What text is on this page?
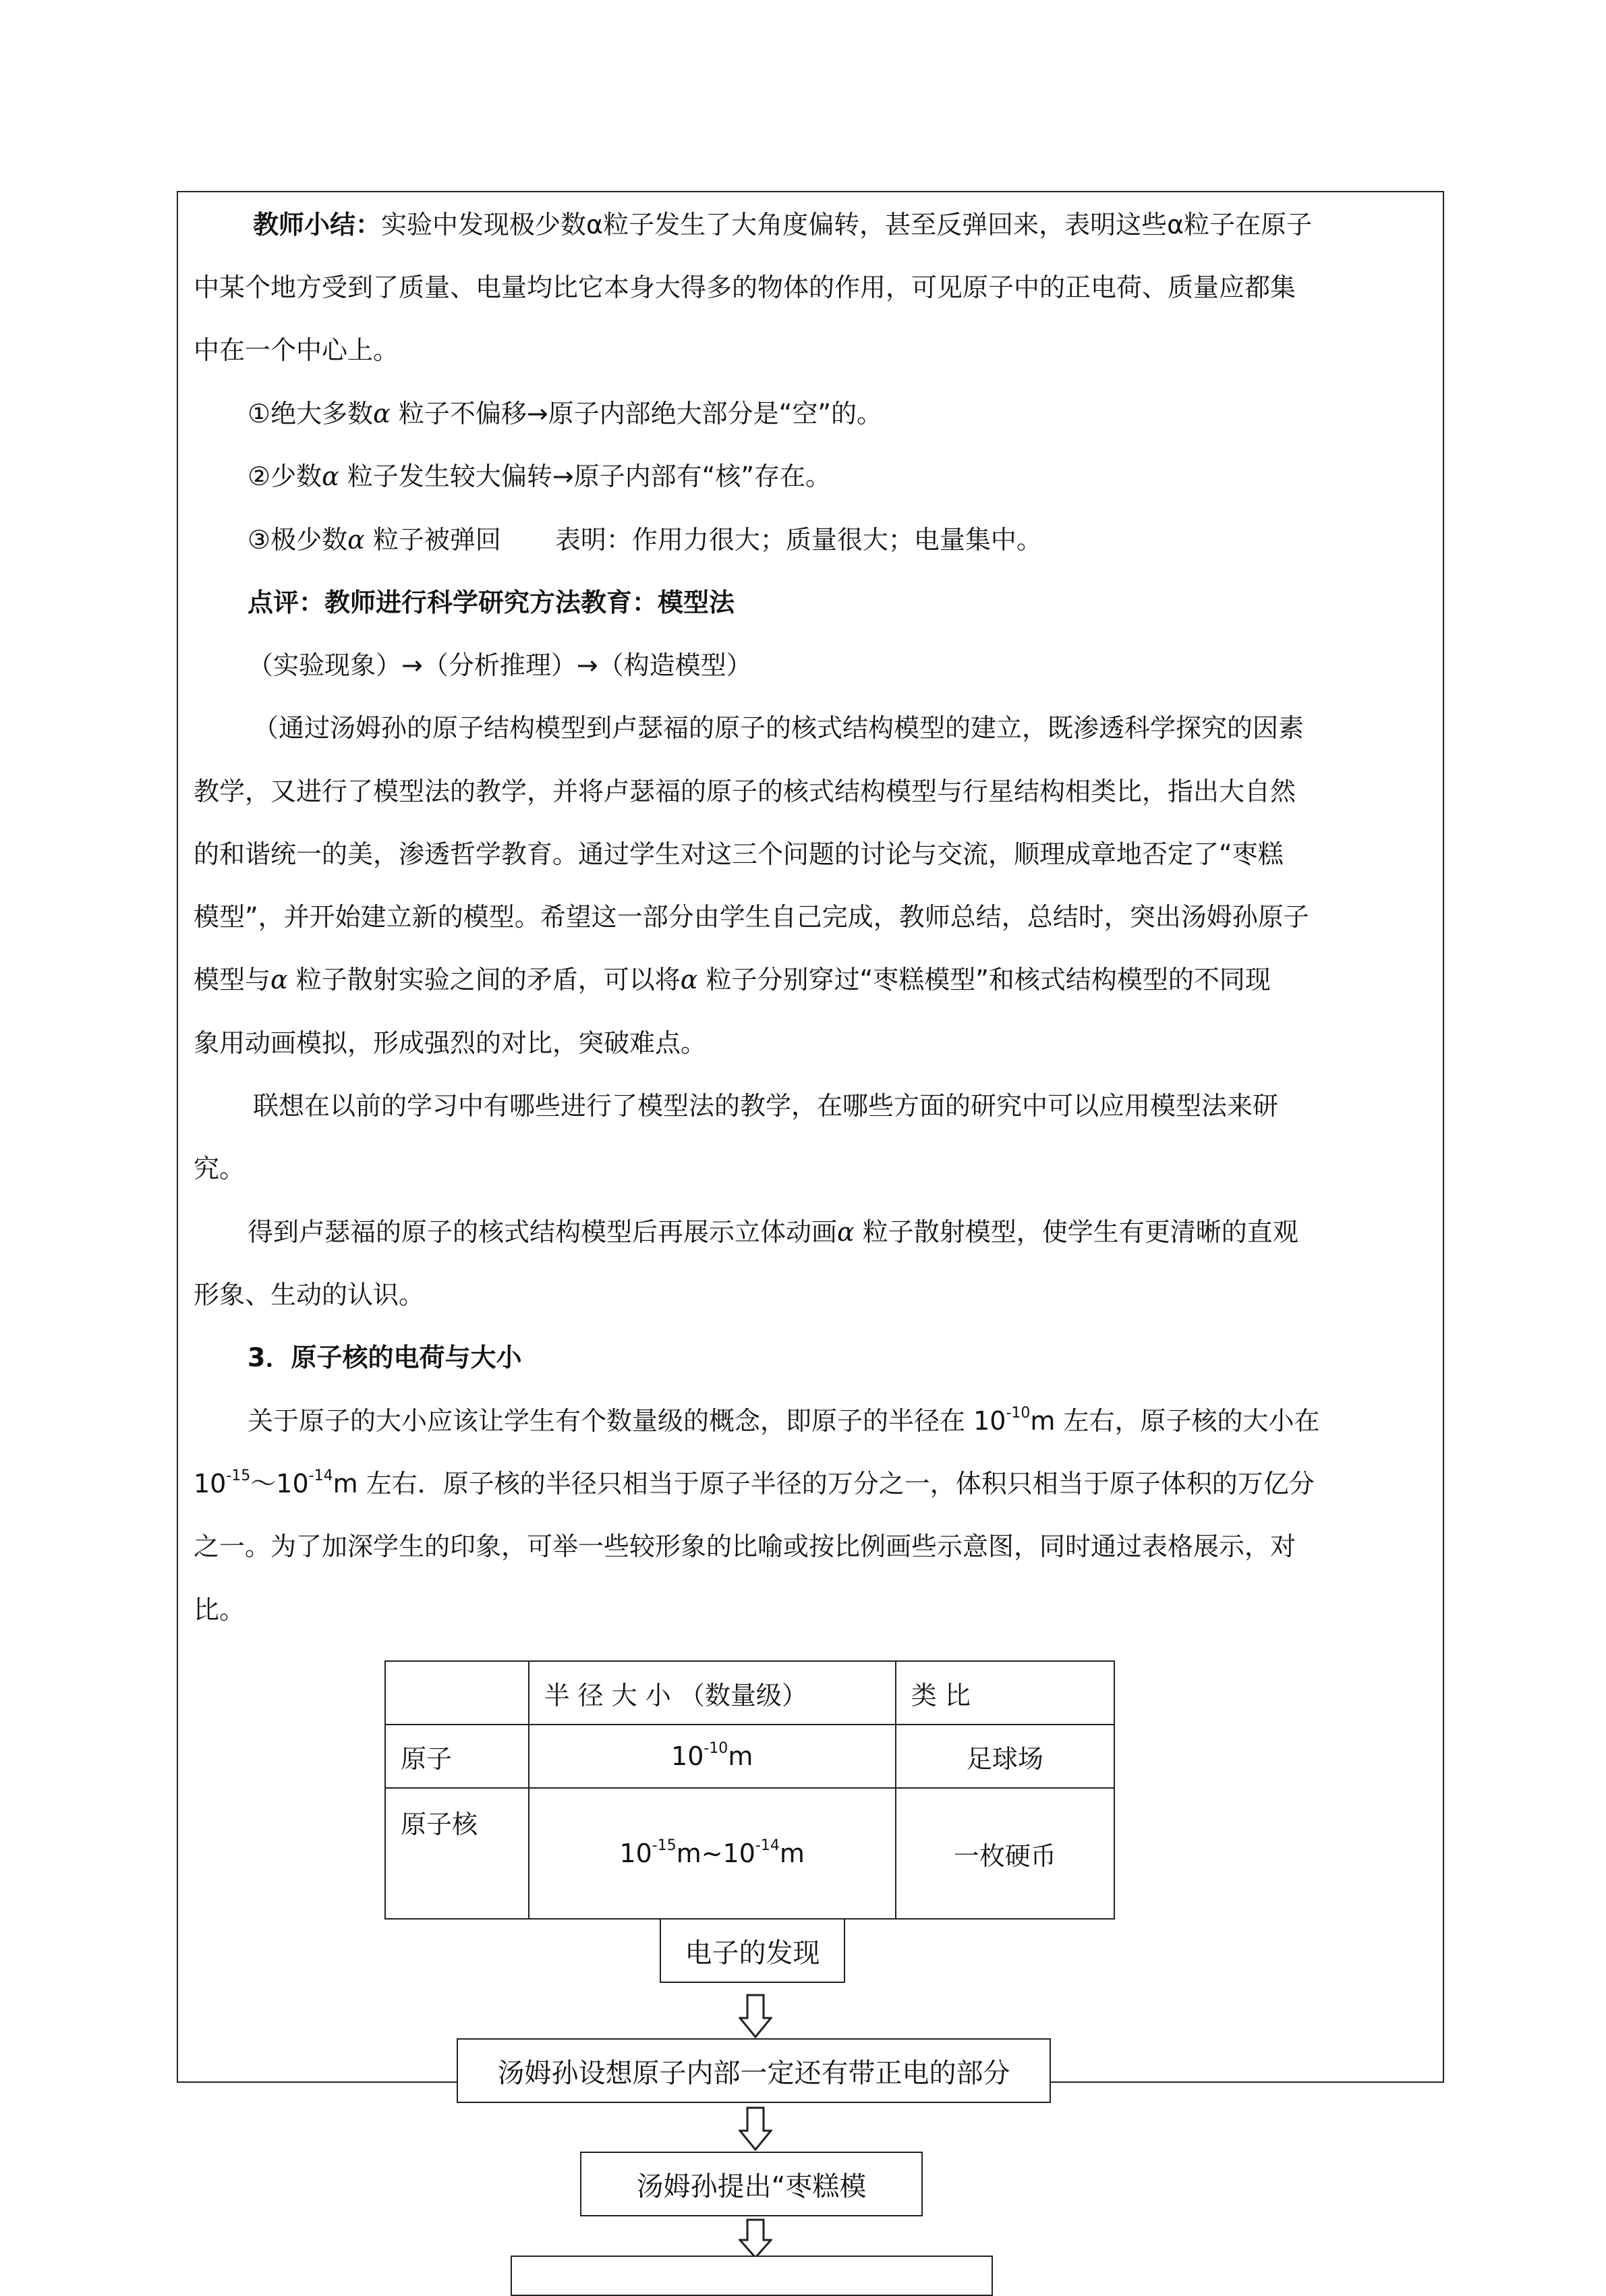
教师小结：实验中发现极少数α粒子发生了大角度偏转，甚至反弹回来，表明这些α粒子在原子

中某个地方受到了质量、电量均比它本身大得多的物体的作用，可见原子中的正电荷、质量应都集

中在一个中心上。

①绝大多数α 粒子不偏移→原子内部绝大部分是“空”的。

②少数α 粒子发生较大偏转→原子内部有“核”存在。

③极少数α 粒子被弹回 表明：作用力很大；质量很大；电量集中。

点评：教师进行科学研究方法教育：模型法

（实验现象）→（分析推理）→（构造模型）

（通过汤姆孙的原子结构模型到卢瑟福的原子的核式结构模型的建立，既渗透科学探究的因素

教学，又进行了模型法的教学，并将卢瑟福的原子的核式结构模型与行星结构相类比，指出大自然

的和谐统一的美，渗透哲学教育。通过学生对这三个问题的讨论与交流，顺理成章地否定了“枣糕

模型”，并开始建立新的模型。希望这一部分由学生自己完成，教师总结，总结时，突出汤姆孙原子

模型与α 粒子散射实验之间的矛盾，可以将α 粒子分别穿过“枣糕模型”和核式结构模型的不同现

象用动画模拟，形成强烈的对比，突破难点。

联想在以前的学习中有哪些进行了模型法的教学，在哪些方面的研究中可以应用模型法来研

究。

得到卢瑟福的原子的核式结构模型后再展示立体动画α 粒子散射模型，使学生有更清晰的直观

形象、生动的认识。

3．原子核的电荷与大小

关于原子的大小应该让学生有个数量级的概念，即原子的半径在 $10^{-10}m$ 左右，原子核的大小在

$10^{-15}\sim 10^{-14}m$ 左右．原子核的半径只相当于原子半径的万分之一，体积只相当于原子体积的万亿分

之一。为了加深学生的印象，可举一些较形象的比喻或按比例画些示意图，同时通过表格展示，对

比。

	半 径 大 小 （数量级）	类 比
原子	$10^{-10}m$	足球场
原子核	$10^{-15}m\sim 10^{-14}m$	一枚硬币
电子的发现
汤姆孙设想原子内部一定还有带正电的部分
汤姆孙提出“枣糕模
